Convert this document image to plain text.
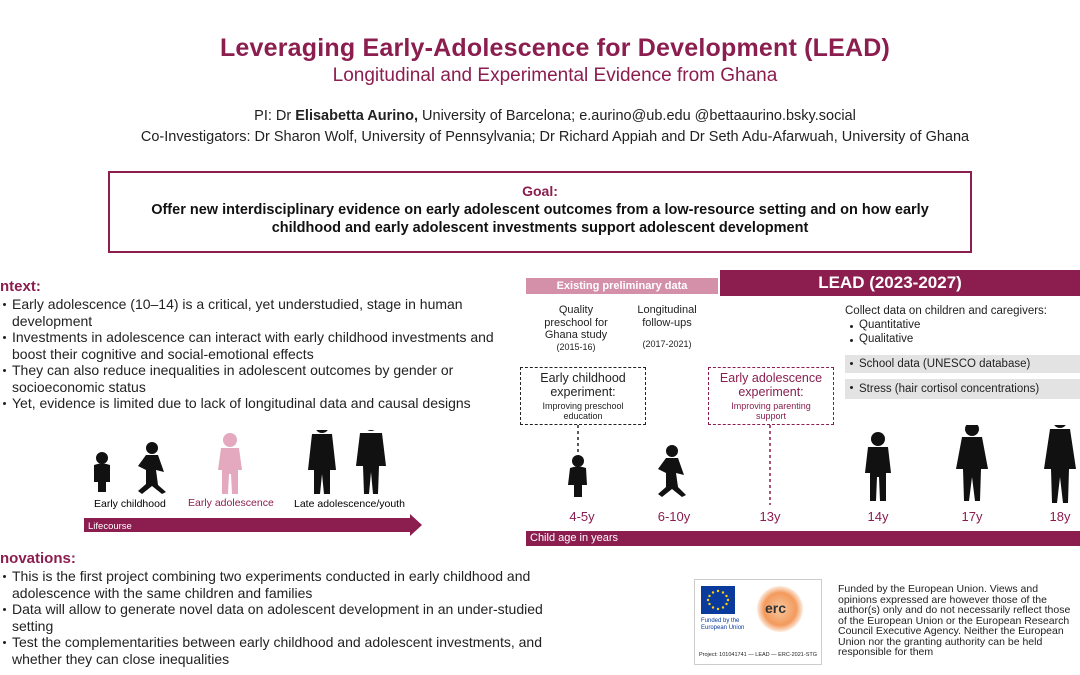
Leveraging Early-Adolescence for Development (LEAD)
Longitudinal and Experimental Evidence from Ghana
PI: Dr Elisabetta Aurino, University of Barcelona; e.aurino@ub.edu @bettaaurino.bsky.social
Co-Investigators: Dr Sharon Wolf, University of Pennsylvania; Dr Richard Appiah and Dr Seth Adu-Afarwuah, University of Ghana
Goal:
Offer new interdisciplinary evidence on early adolescent outcomes from a low-resource setting and on how early childhood and early adolescent investments support adolescent development
ntext:
Early adolescence (10–14) is a critical, yet understudied, stage in human development
Investments in adolescence can interact with early childhood investments and boost their cognitive and social-emotional effects
They can also reduce inequalities in adolescent outcomes by gender or socioeconomic status
Yet, evidence is limited due to lack of longitudinal data and causal designs
Early childhood Early adolescence Late adolescence/youth
Lifecourse
novations:
This is the first project combining two experiments conducted in early childhood and adolescence with the same children and families
Data will allow to generate novel data on adolescent development in an under-studied setting
Test the complementarities between early childhood and adolescent investments, and whether they can close inequalities
Existing preliminary data	LEAD (2023-2027)
Quality preschool for Ghana study
(2015-16)
Longitudinal follow-ups
(2017-2021)
Early childhood experiment:
Improving preschool education
Early adolescence experiment:
Improving parenting support
Collect data on children and caregivers:
Quantitative
Qualitative
School data (UNESCO database)
Stress (hair cortisol concentrations)
4-5y	6-10y	13y	14y	17y	18y
Child age in years
Funded by the
European Union
erc
Project: 101041741 — LEAD — ERC-2021-STG
Funded by the European Union. Views and opinions expressed are however those of the author(s) only and do not necessarily reflect those of the European Union or the European Research Council Executive Agency. Neither the European Union nor the granting authority can be held responsible for them
